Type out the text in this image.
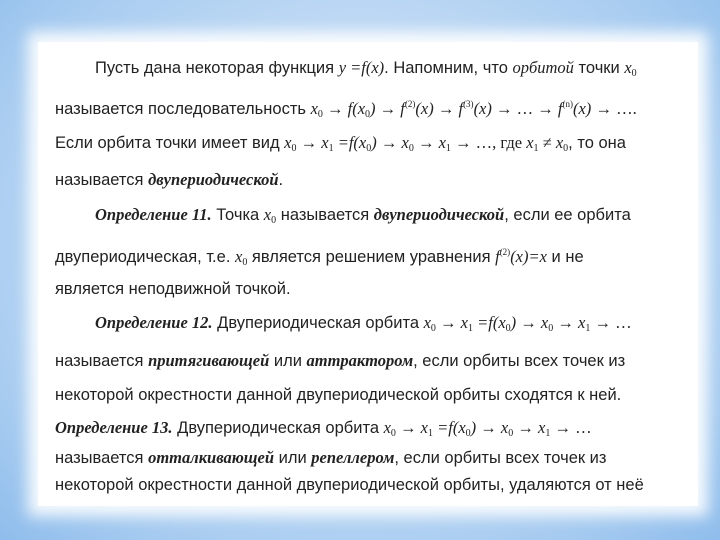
Пусть дана некоторая функция y =f(x). Напомним, что орбитой точки $x_0$
называется последовательность $x_0 \to f(x_0) \to f^{(2)}(x) \to f^{(3)}(x)$ → … → $f^{(n)}(x)$ → ….
Если орбита точки имеет вид $x_0 \to x_1 =f(x_0) \to x_0 \to x_1$ → …, где $x_1 \ne x_0$, то она
называется двупериодической.
Определение 11. Точка $x_0$ называется двупериодической, если ее орбита
двупериодическая, т.е. $x_0$ является решением уравнения $f^{(2)}(x)=x$ и не
является неподвижной точкой.
Определение 12. Двупериодическая орбита $x_0 \to x_1 =f(x_0) \to x_0 \to x_1$ → …
называется притягивающей или аттрактором, если орбиты всех точек из
некоторой окрестности данной двупериодической орбиты сходятся к ней.
Определение 13. Двупериодическая орбита $x_0 \to x_1 =f(x_0) \to x_0 \to x_1$ → …
называется отталкивающей или репеллером, если орбиты всех точек из
некоторой окрестности данной двупериодической орбиты, удаляются от неё
